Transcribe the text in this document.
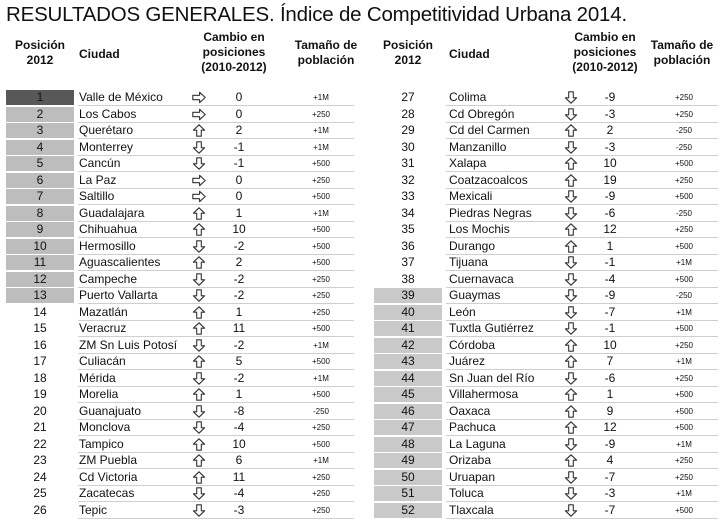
RESULTADOS GENERALES. Índice de Competitividad Urbana 2014.
Posición
2012	Ciudad
Cambio en
posiciones
(2010-2012)
Tamaño de
población
Posición
2012	Ciudad
Cambio en
posiciones
(2010-2012)
Tamaño de
población
1	Valle de México	0	+1M
2	Los Cabos	0	+250
3	Querétaro	2	+1M
4	Monterrey	-1	+1M
5	Cancún	-1	+500
6	La Paz	0	+250
7	Saltillo	0	+500
8	Guadalajara	1	+1M
9	Chihuahua	10	+500
10	Hermosillo	-2	+500
11	Aguascalientes	2	+500
12	Campeche	-2	+250
13	Puerto Vallarta	-2	+250
14	Mazatlán	1	+250
15	Veracruz	11	+500
16	ZM Sn Luis Potosí	-2	+1M
17	Culiacán	5	+500
18	Mérida	-2	+1M
19	Morelia	1	+500
20	Guanajuato	-8	-250
21	Monclova	-4	+250
22	Tampico	10	+500
23	ZM Puebla	6	+1M
24	Cd Victoria	11	+250
25	Zacatecas	-4	+250
26	Tepic	-3	+250
27	Colima	-9	+250
28	Cd Obregón	-3	+250
29	Cd del Carmen	2	-250
30	Manzanillo	-3	-250
31	Xalapa	10	+500
32	Coatzacoalcos	19	+250
33	Mexicali	-9	+500
34	Piedras Negras	-6	-250
35	Los Mochis	12	+250
36	Durango	1	+500
37	Tijuana	-1	+1M
38	Cuernavaca	-4	+500
39	Guaymas	-9	-250
40	León	-7	+1M
41	Tuxtla Gutiérrez	-1	+500
42	Córdoba	10	+250
43	Juárez	7	+1M
44	Sn Juan del Río	-6	+250
45	Villahermosa	1	+500
46	Oaxaca	9	+500
47	Pachuca	12	+500
48	La Laguna	-9	+1M
49	Orizaba	4	+250
50	Uruapan	-7	+250
51	Toluca	-3	+1M
52	Tlaxcala	-7	+500
